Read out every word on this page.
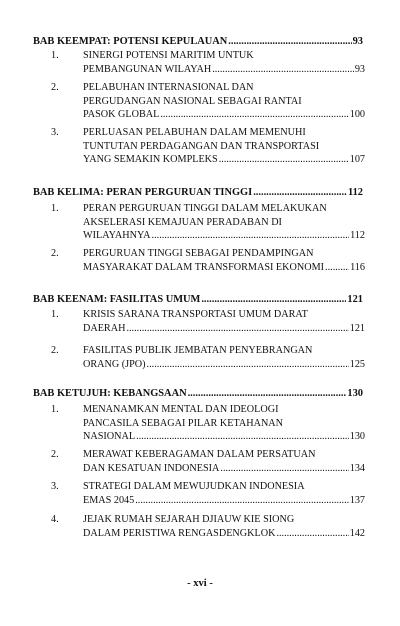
- xvi -
BAB KEEMPAT: POTENSI KEPULAUAN .....	93
1. SINERGI POTENSI MARITIM UNTUK
PEMBANGUNAN WILAYAH .....	93
2. PELABUHAN INTERNASIONAL DAN
PERGUDANGAN NASIONAL SEBAGAI RANTAI
PASOK GLOBAL .....	100
3. PERLUASAN PELABUHAN DALAM MEMENUHI
TUNTUTAN PERDAGANGAN DAN TRANSPORTASI
YANG SEMAKIN KOMPLEKS .....	107
BAB KELIMA: PERAN PERGURUAN TINGGI .....	112
1. PERAN PERGURUAN TINGGI DALAM MELAKUKAN
AKSELERASI KEMAJUAN PERADABAN DI
WILAYAHNYA .....	112
2. PERGURUAN TINGGI SEBAGAI PENDAMPINGAN
MASYARAKAT DALAM TRANSFORMASI EKONOMI .....	116
BAB KEENAM: FASILITAS UMUM .....	121
1. KRISIS SARANA TRANSPORTASI UMUM DARAT
DAERAH .....	121
2. FASILITAS PUBLIK JEMBATAN PENYEBRANGAN
ORANG (JPO) .....	125
BAB KETUJUH: KEBANGSAAN .....	130
1. MENANAMKAN MENTAL DAN IDEOLOGI
PANCASILA SEBAGAI PILAR KETAHANAN
NASIONAL .....	130
2. MERAWAT KEBERAGAMAN DALAM PERSATUAN
DAN KESATUAN INDONESIA .....	134
3. STRATEGI DALAM MEWUJUDKAN INDONESIA
EMAS 2045 .....	137
4. JEJAK RUMAH SEJARAH DJIAUW KIE SIONG
DALAM PERISTIWA RENGASDENGKLOK .....	142
